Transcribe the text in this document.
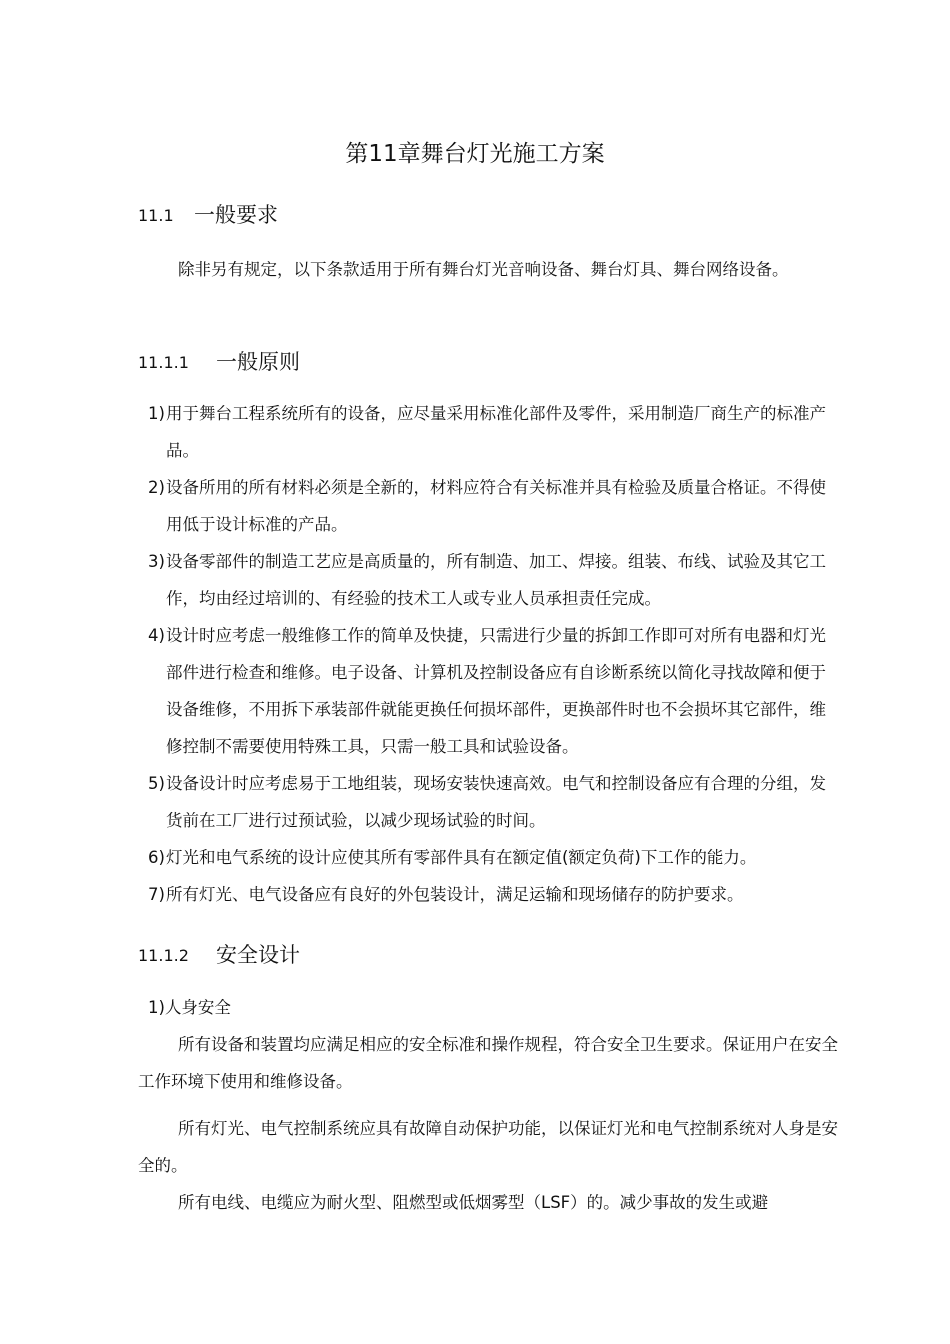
第11章舞台灯光施工方案
11.1 一般要求
除非另有规定，以下条款适用于所有舞台灯光音响设备、舞台灯具、舞台网络设备。
11.1.1 一般原则
1) 用于舞台工程系统所有的设备，应尽量采用标准化部件及零件，采用制造厂商生产的标准产品。
2) 设备所用的所有材料必须是全新的，材料应符合有关标准并具有检验及质量合格证。不得使用低于设计标准的产品。
3) 设备零部件的制造工艺应是高质量的，所有制造、加工、焊接。组装、布线、试验及其它工作，均由经过培训的、有经验的技术工人或专业人员承担责任完成。
4) 设计时应考虑一般维修工作的简单及快捷，只需进行少量的拆卸工作即可对所有电器和灯光部件进行检查和维修。电子设备、计算机及控制设备应有自诊断系统以简化寻找故障和便于设备维修，不用拆下承装部件就能更换任何损坏部件，更换部件时也不会损坏其它部件，维修控制不需要使用特殊工具，只需一般工具和试验设备。
5) 设备设计时应考虑易于工地组装，现场安装快速高效。电气和控制设备应有合理的分组，发货前在工厂进行过预试验，以减少现场试验的时间。
6) 灯光和电气系统的设计应使其所有零部件具有在额定值(额定负荷)下工作的能力。
7) 所有灯光、电气设备应有良好的外包装设计，满足运输和现场储存的防护要求。
11.1.2 安全设计
1)人身安全
所有设备和装置均应满足相应的安全标准和操作规程，符合安全卫生要求。保证用户在安全工作环境下使用和维修设备。
所有灯光、电气控制系统应具有故障自动保护功能，以保证灯光和电气控制系统对人身是安全的。
所有电线、电缆应为耐火型、阻燃型或低烟雾型（LSF）的。减少事故的发生或避
